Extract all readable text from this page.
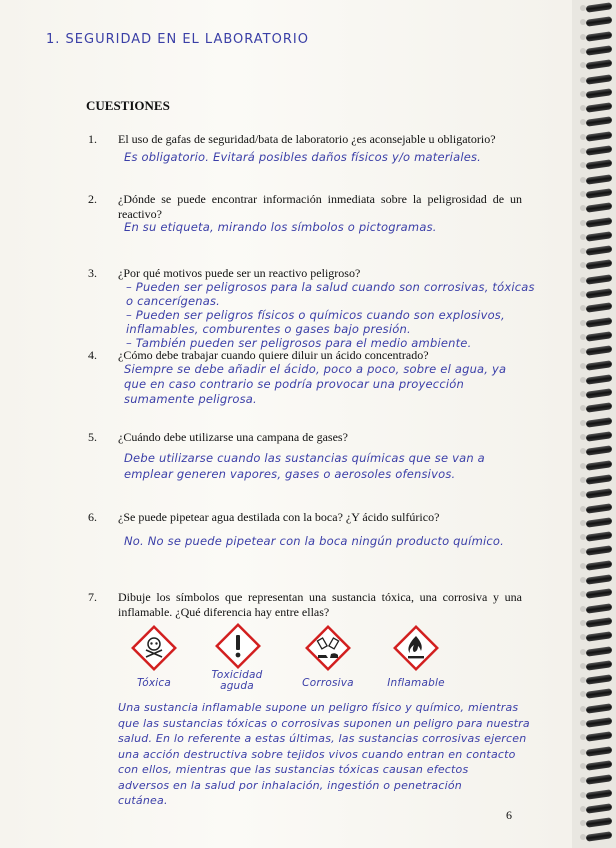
1. SEGURIDAD EN EL LABORATORIO
CUESTIONES
1. El uso de gafas de seguridad/bata de laboratorio ¿es aconsejable u obligatorio?
Es obligatorio. Evitará posibles daños físicos y/o materiales.
2. ¿Dónde se puede encontrar información inmediata sobre la peligrosidad de un reactivo?
En su etiqueta, mirando los símbolos o pictogramas.
3. ¿Por qué motivos puede ser un reactivo peligroso?
– Pueden ser peligrosos para la salud cuando son corrosivas, tóxicas
o cancerígenas.
– Pueden ser peligros físicos o químicos cuando son explosivos,
inflamables, comburentes o gases bajo presión.
– También pueden ser peligrosos para el medio ambiente.
4. ¿Cómo debe trabajar cuando quiere diluir un ácido concentrado?
Siempre se debe añadir el ácido, poco a poco, sobre el agua, ya
que en caso contrario se podría provocar una proyección
sumamente peligrosa.
5. ¿Cuándo debe utilizarse una campana de gases?
Debe utilizarse cuando las sustancias químicas que se van a
emplear generen vapores, gases o aerosoles ofensivos.
6. ¿Se puede pipetear agua destilada con la boca? ¿Y ácido sulfúrico?
No. No se puede pipetear con la boca ningún producto químico.
7. Dibuje los símbolos que representan una sustancia tóxica, una corrosiva y una inflamable. ¿Qué diferencia hay entre ellas?
Tóxica
Toxicidad aguda	Corrosiva	Inflamable
Una sustancia inflamable supone un peligro físico y químico, mientras
que las sustancias tóxicas o corrosivas suponen un peligro para nuestra
salud. En lo referente a estas últimas, las sustancias corrosivas ejercen
una acción destructiva sobre tejidos vivos cuando entran en contacto
con ellos, mientras que las sustancias tóxicas causan efectos
adversos en la salud por inhalación, ingestión o penetración
cutánea.
6
